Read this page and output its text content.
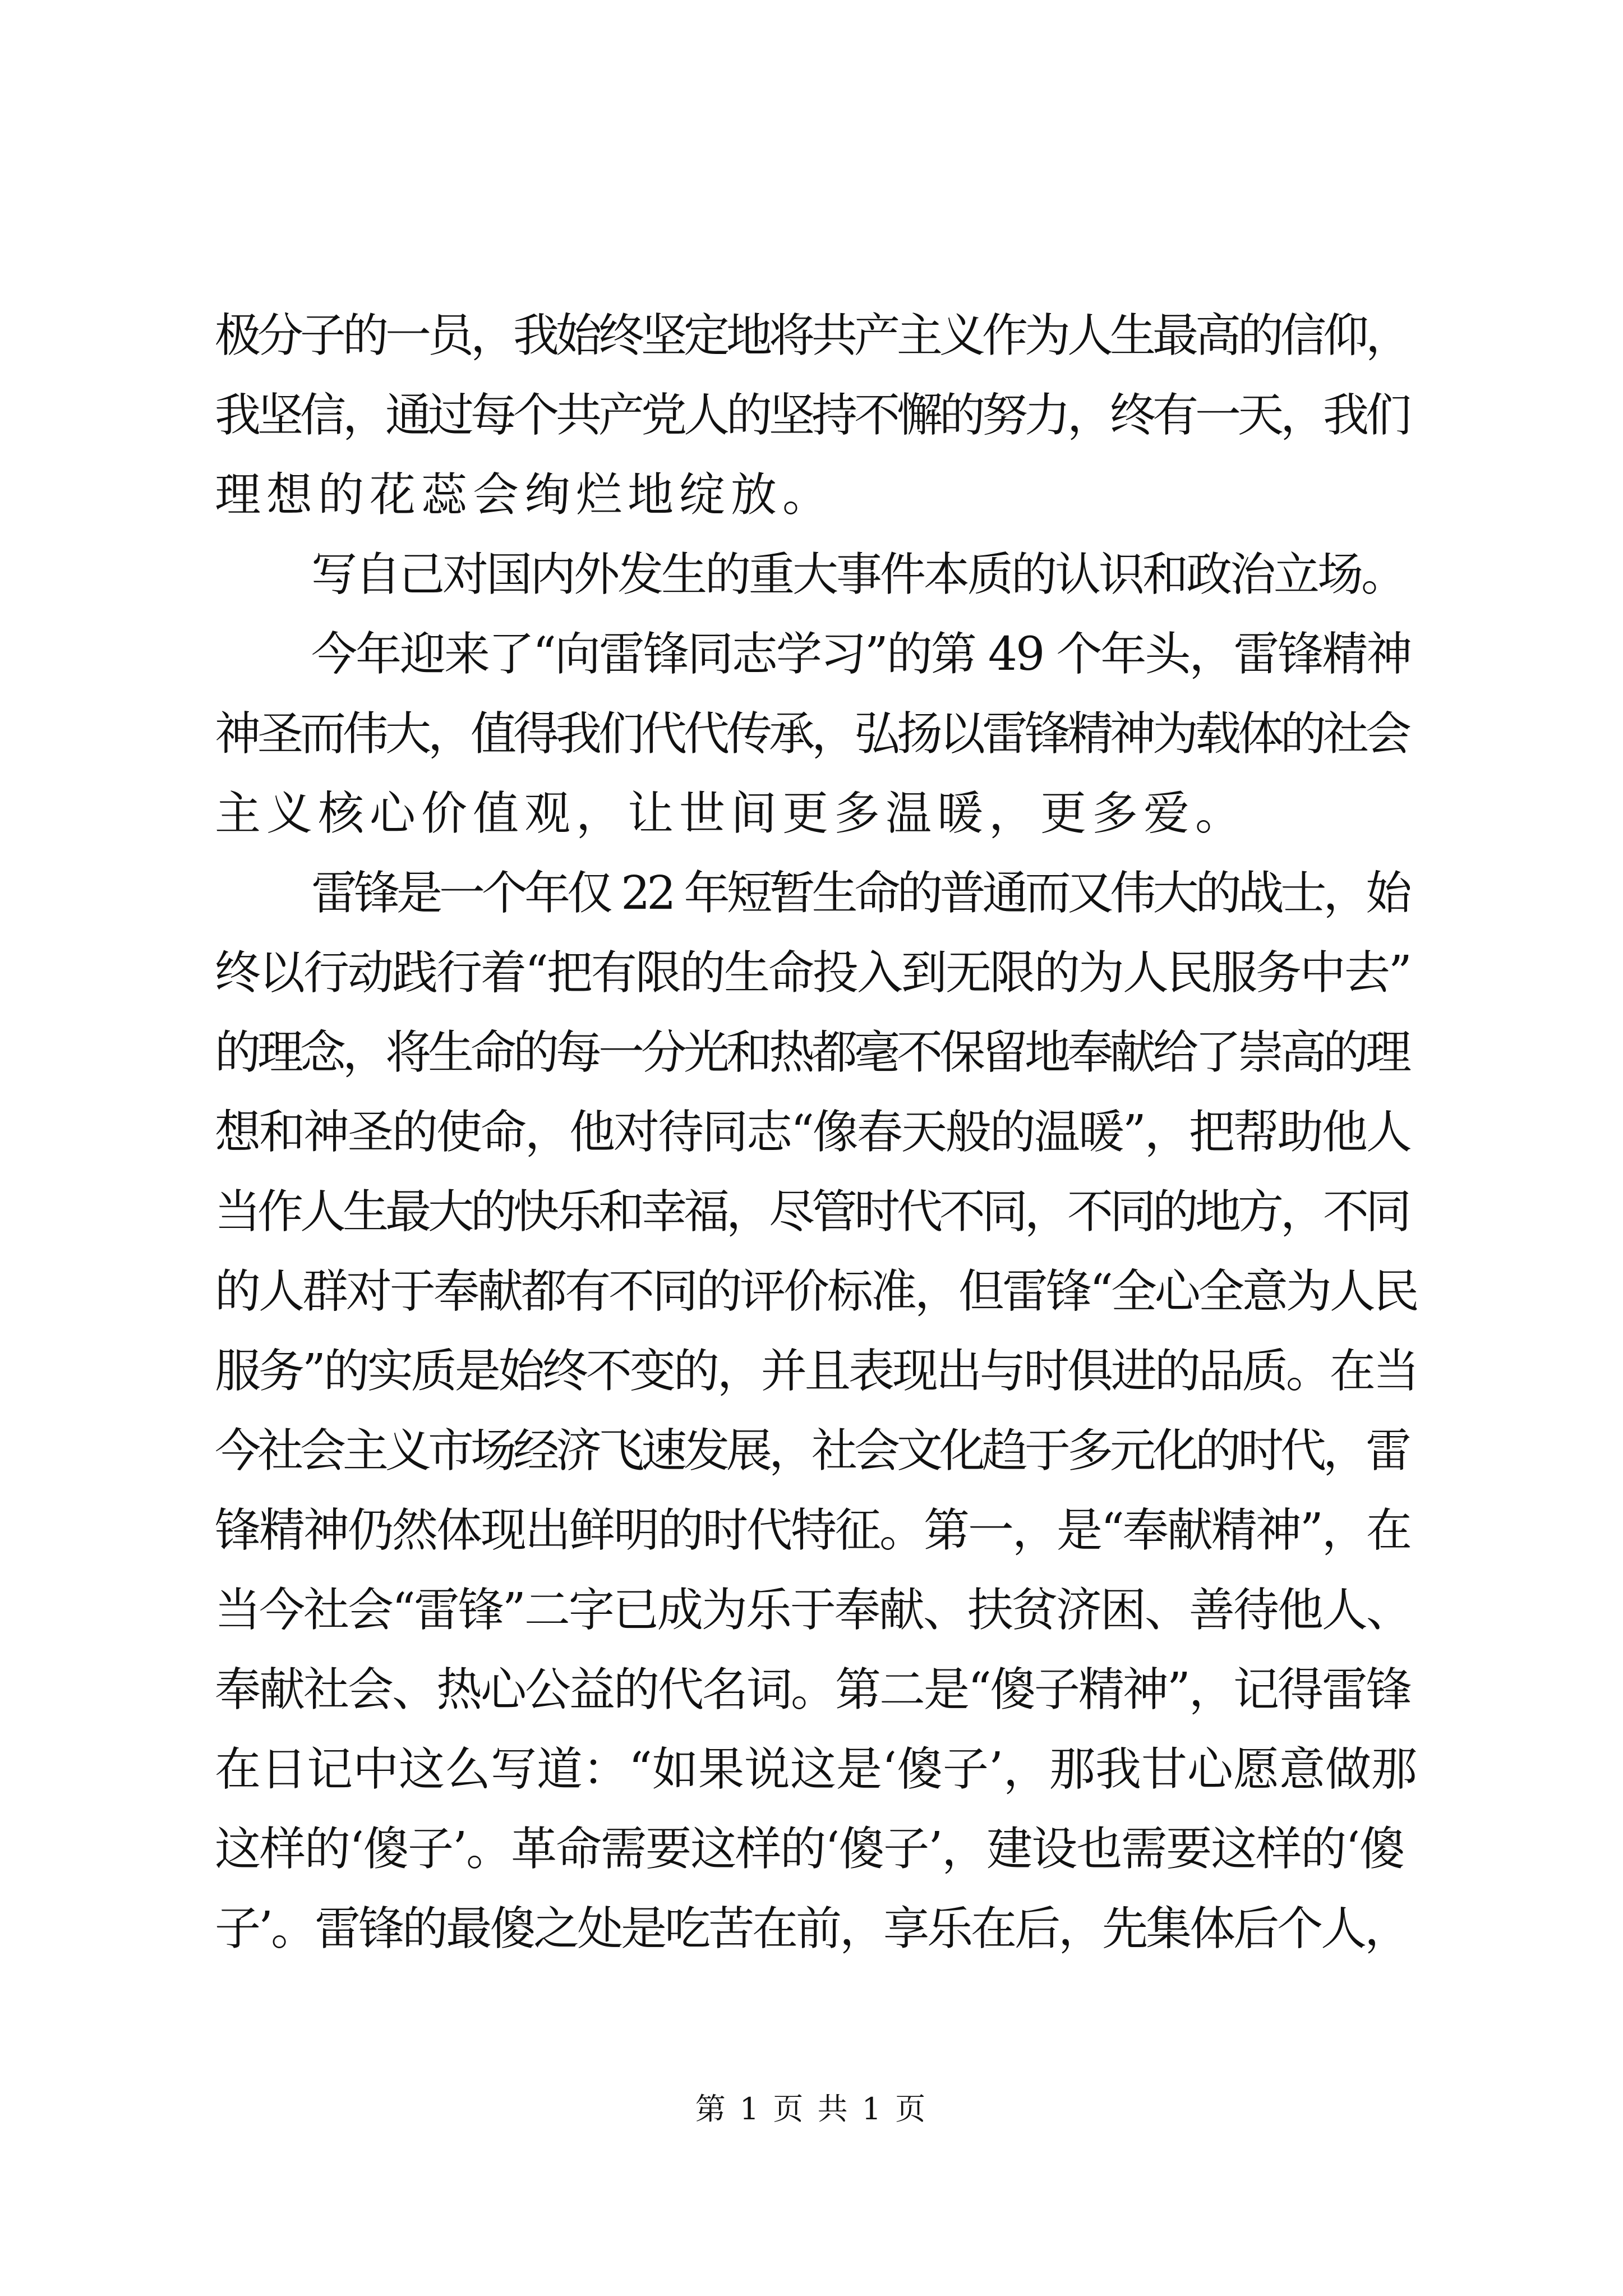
极分子的一员，我始终坚定地将共产主义作为人生最高的信仰，
我坚信，通过每个共产党人的坚持不懈的努力，终有一天，我们
理想的花蕊会绚烂地绽放。
写自己对国内外发生的重大事件本质的认识和政治立场。
今年迎来了“向雷锋同志学习”的第 49 个年头，雷锋精神
神圣而伟大，值得我们代代传承，弘扬以雷锋精神为载体的社会
主义核心价值观，让世间更多温暖，更多爱。
雷锋是一个年仅 22 年短暂生命的普通而又伟大的战士，始
终以行动践行着“把有限的生命投入到无限的为人民服务中去”
的理念，将生命的每一分光和热都毫不保留地奉献给了崇高的理
想和神圣的使命，他对待同志“像春天般的温暖”，把帮助他人
当作人生最大的快乐和幸福，尽管时代不同，不同的地方，不同
的人群对于奉献都有不同的评价标准，但雷锋“全心全意为人民
服务”的实质是始终不变的，并且表现出与时俱进的品质。在当
今社会主义市场经济飞速发展，社会文化趋于多元化的时代，雷
锋精神仍然体现出鲜明的时代特征。第一，是“奉献精神”，在
当今社会“雷锋”二字已成为乐于奉献、扶贫济困、善待他人、
奉献社会、热心公益的代名词。第二是“傻子精神”，记得雷锋
在日记中这么写道：“如果说这是‘傻子’，那我甘心愿意做那
这样的‘傻子’。革命需要这样的‘傻子’，建设也需要这样的‘傻
子’。雷锋的最傻之处是吃苦在前，享乐在后，先集体后个人，
第 1 页 共 1 页
